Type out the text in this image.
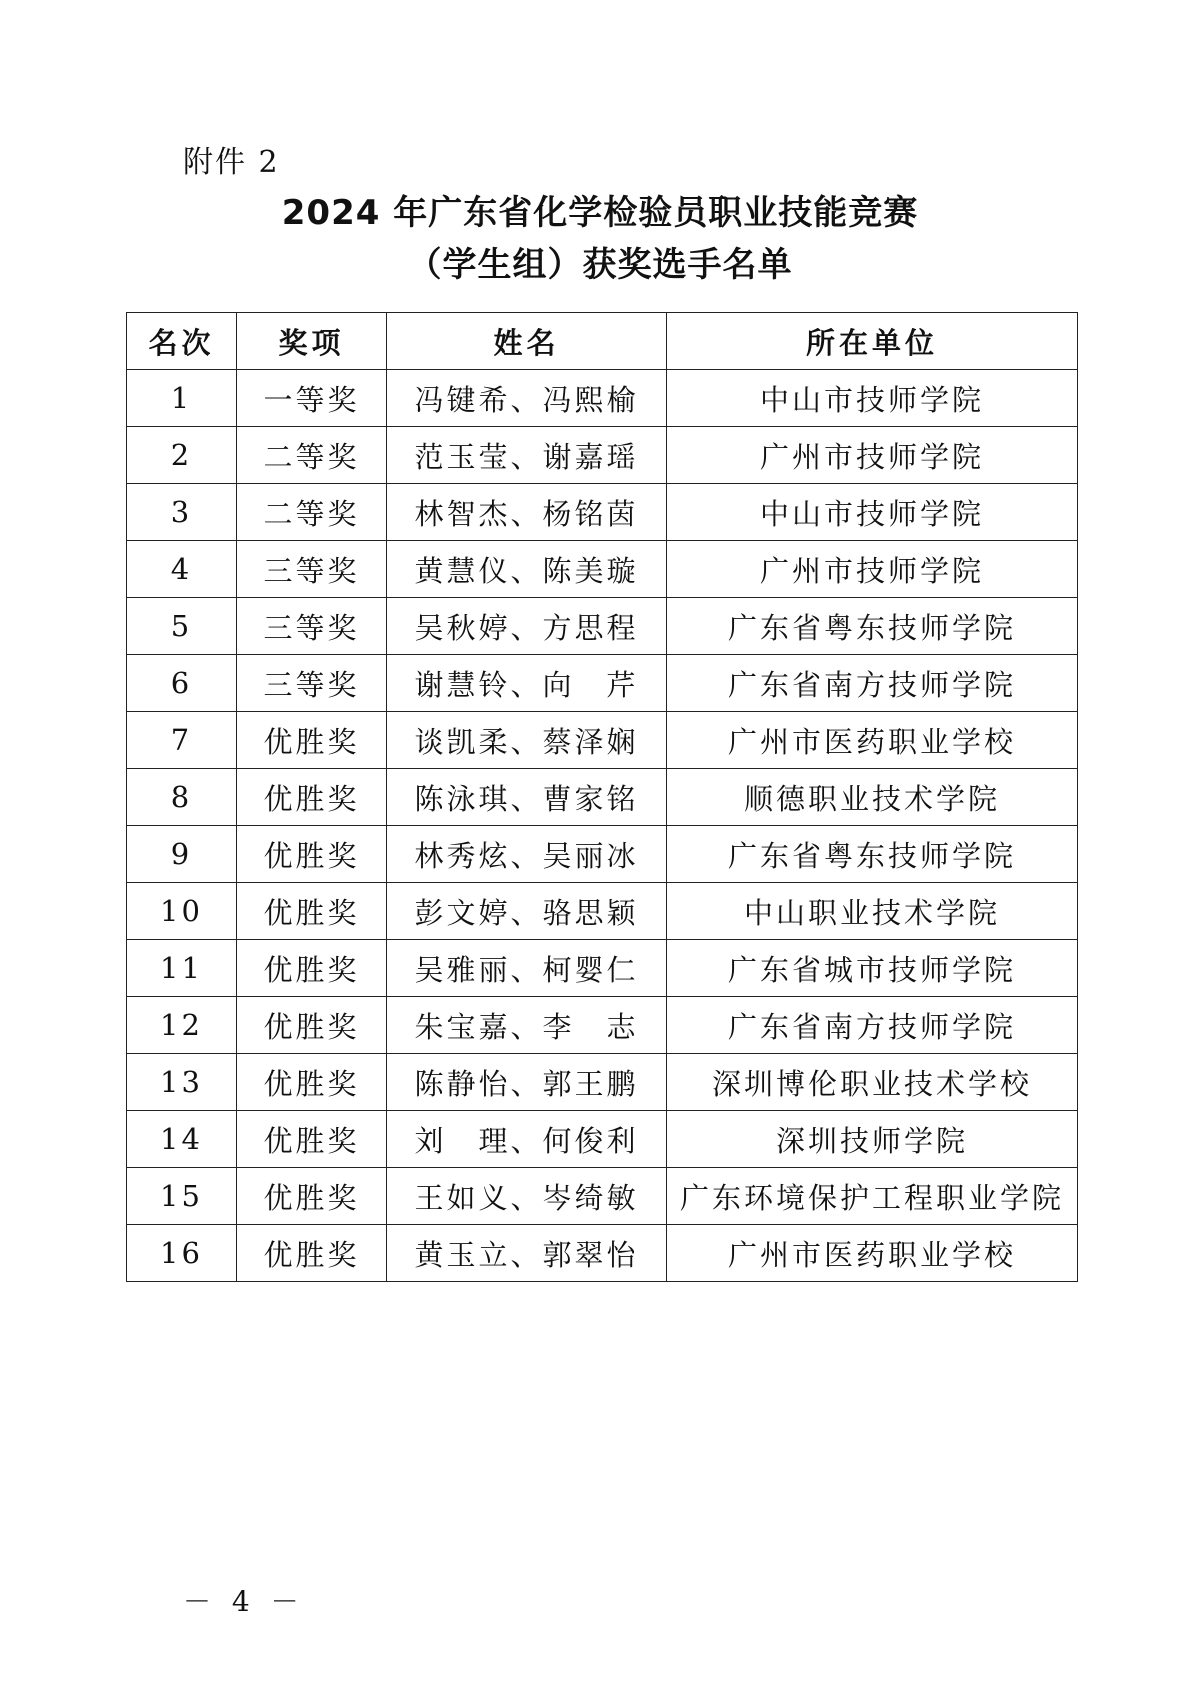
附件 2
2024 年广东省化学检验员职业技能竞赛
（学生组）获奖选手名单
名次	奖项	姓名	所在单位
1	一等奖	冯键希、冯熙榆	中山市技师学院
2	二等奖	范玉莹、谢嘉瑶	广州市技师学院
3	二等奖	林智杰、杨铭茵	中山市技师学院
4	三等奖	黄慧仪、陈美璇	广州市技师学院
5	三等奖	吴秋婷、方思程	广东省粤东技师学院
6	三等奖	谢慧铃、向　芹	广东省南方技师学院
7	优胜奖	谈凯柔、蔡泽娴	广州市医药职业学校
8	优胜奖	陈泳琪、曹家铭	顺德职业技术学院
9	优胜奖	林秀炫、吴丽冰	广东省粤东技师学院
10	优胜奖	彭文婷、骆思颖	中山职业技术学院
11	优胜奖	吴雅丽、柯婴仁	广东省城市技师学院
12	优胜奖	朱宝嘉、李　志	广东省南方技师学院
13	优胜奖	陈静怡、郭王鹏	深圳博伦职业技术学校
14	优胜奖	刘　理、何俊利	深圳技师学院
15	优胜奖	王如义、岑绮敏	广东环境保护工程职业学院
16	优胜奖	黄玉立、郭翠怡	广州市医药职业学校
－ 4 －
